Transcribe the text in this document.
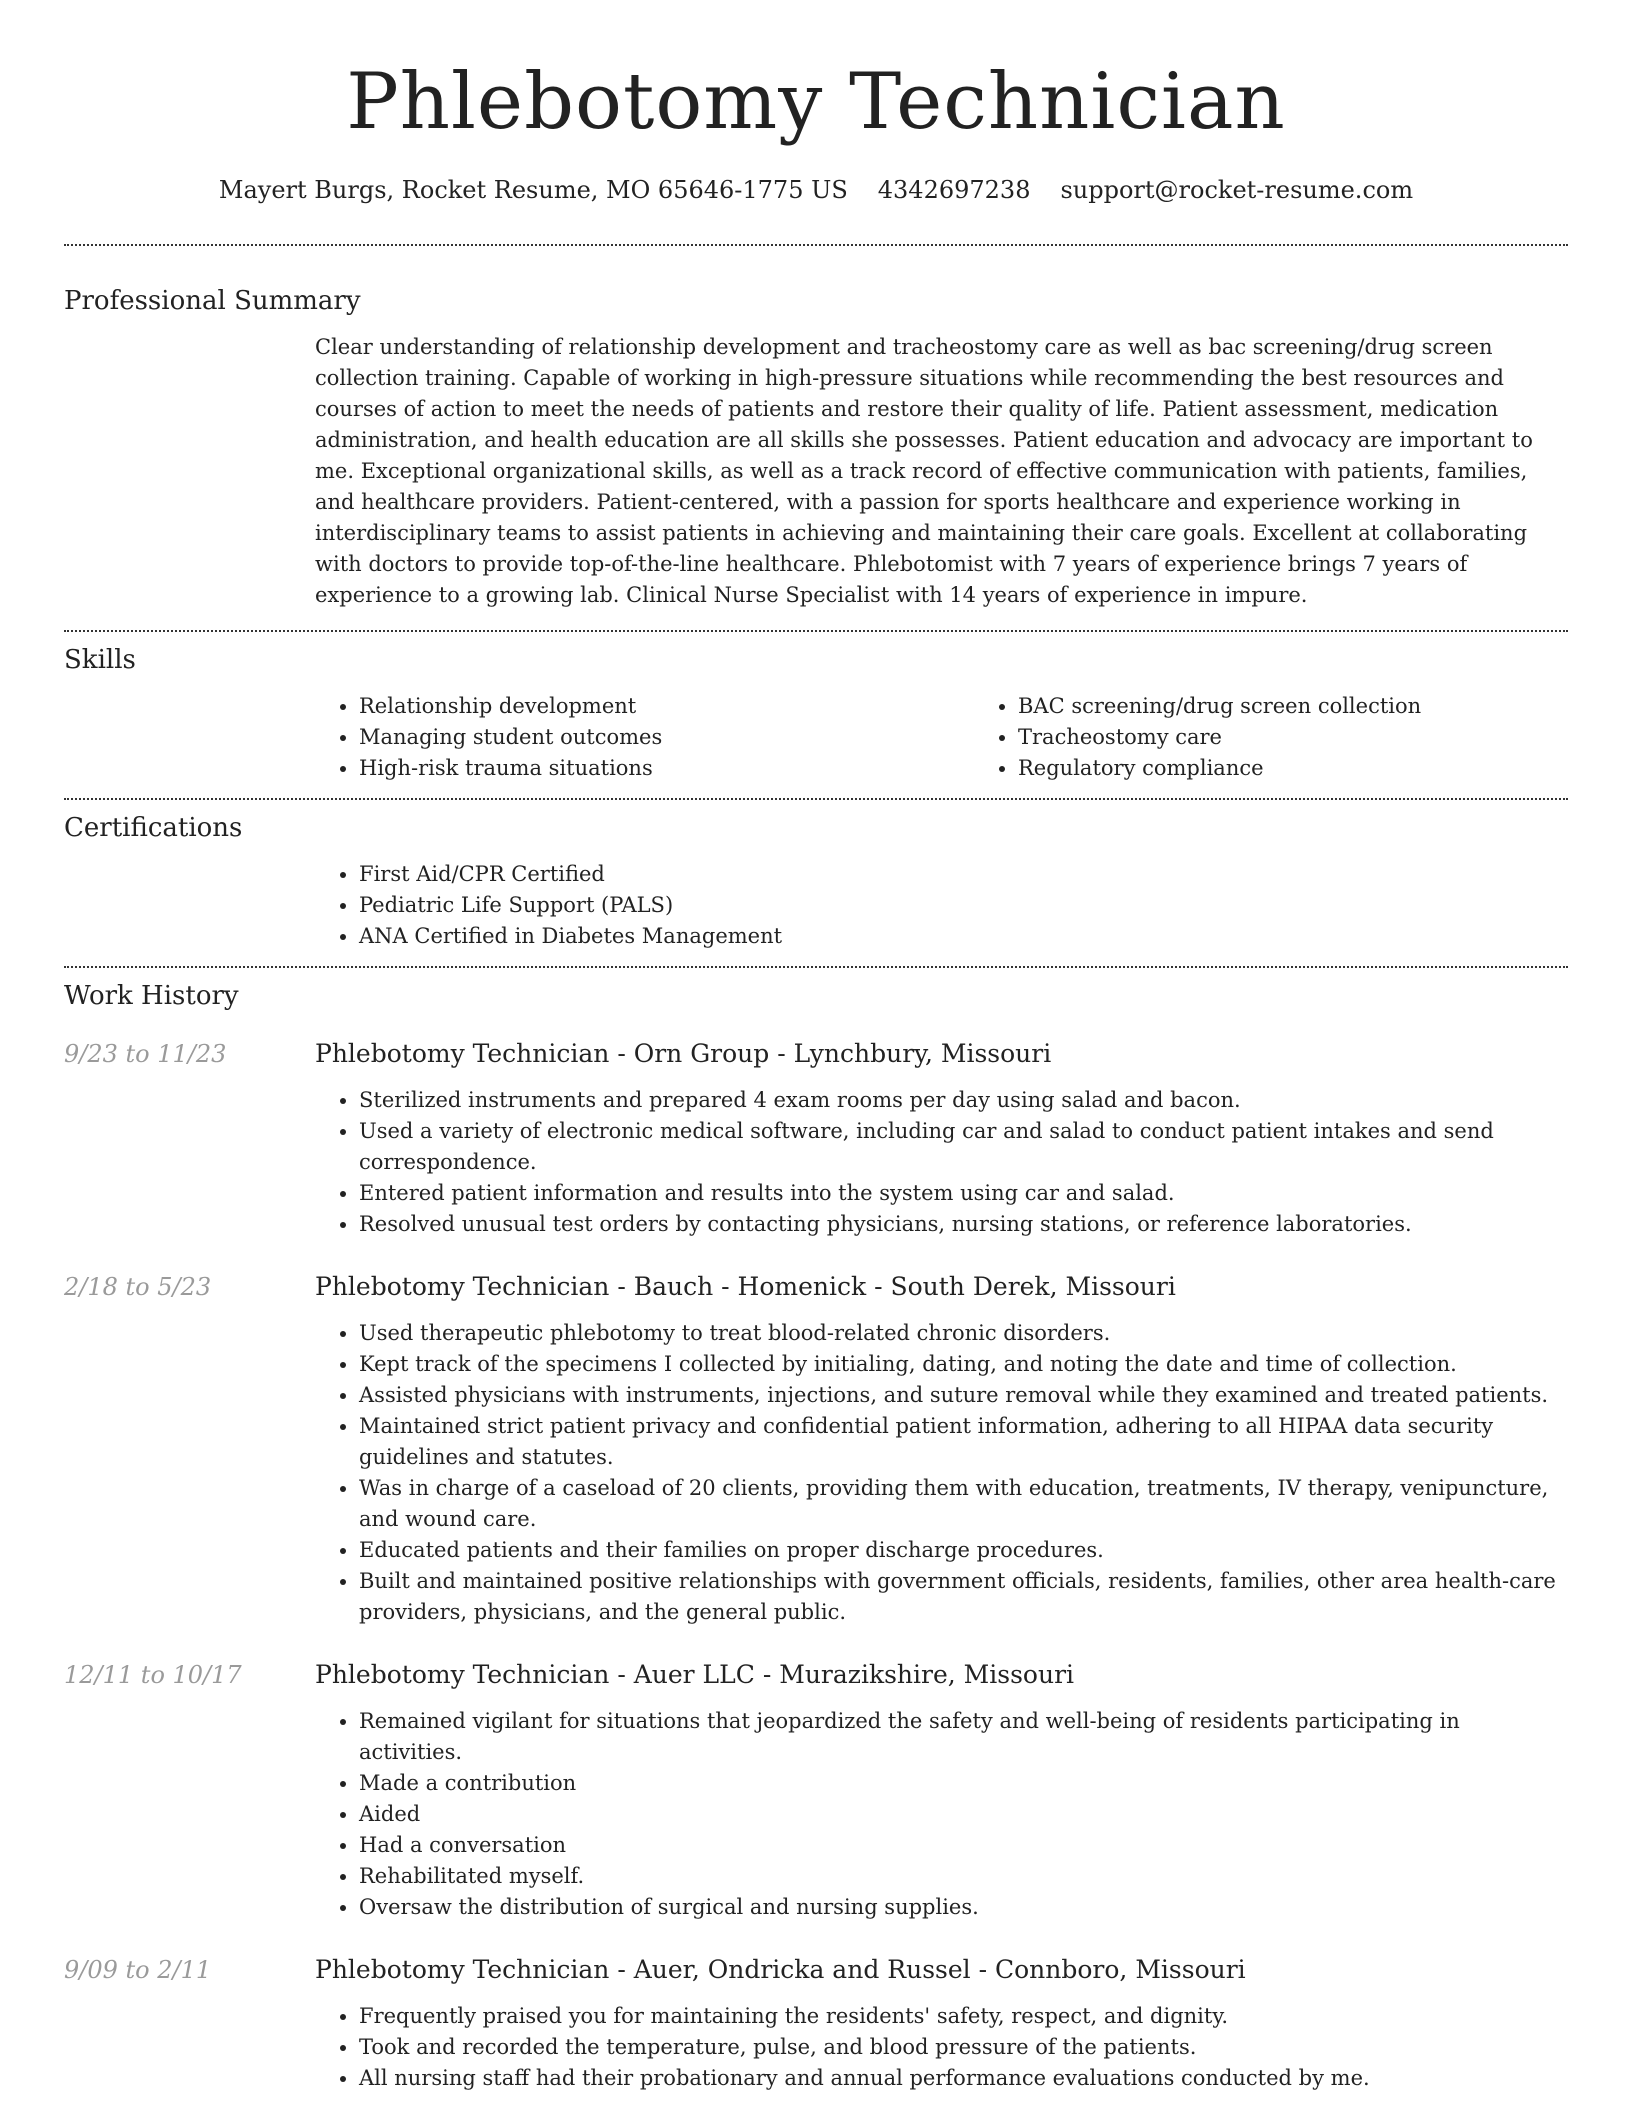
Phlebotomy Technician
Mayert Burgs, Rocket Resume, MO 65646-1775 US 4342697238 support@rocket-resume.com
Professional Summary

Clear understanding of relationship development and tracheostomy care as well as bac screening/drug screen collection training. Capable of working in high-pressure situations while recommending the best resources and courses of action to meet the needs of patients and restore their quality of life. Patient assessment, medication administration, and health education are all skills she possesses. Patient education and advocacy are important to me. Exceptional organizational skills, as well as a track record of effective communication with patients, families, and healthcare providers. Patient-centered, with a passion for sports healthcare and experience working in interdisciplinary teams to assist patients in achieving and maintaining their care goals. Excellent at collaborating with doctors to provide top-of-the-line healthcare. Phlebotomist with 7 years of experience brings 7 years of experience to a growing lab. Clinical Nurse Specialist with 14 years of experience in impure.

Skills
• Relationship development
• Managing student outcomes
• High-risk trauma situations
• BAC screening/drug screen collection
• Tracheostomy care
• Regulatory compliance
Certifications
• First Aid/CPR Certified
• Pediatric Life Support (PALS)
• ANA Certified in Diabetes Management
Work History
9/23 to 11/23	Phlebotomy Technician - Orn Group - Lynchbury, Missouri
• Sterilized instruments and prepared 4 exam rooms per day using salad and bacon.
• Used a variety of electronic medical software, including car and salad to conduct patient intakes and send correspondence.
• Entered patient information and results into the system using car and salad.
• Resolved unusual test orders by contacting physicians, nursing stations, or reference laboratories.
2/18 to 5/23	Phlebotomy Technician - Bauch - Homenick - South Derek, Missouri
• Used therapeutic phlebotomy to treat blood-related chronic disorders.
• Kept track of the specimens I collected by initialing, dating, and noting the date and time of collection.
• Assisted physicians with instruments, injections, and suture removal while they examined and treated patients.
• Maintained strict patient privacy and confidential patient information, adhering to all HIPAA data security guidelines and statutes.
• Was in charge of a caseload of 20 clients, providing them with education, treatments, IV therapy, venipuncture, and wound care.
• Educated patients and their families on proper discharge procedures.
• Built and maintained positive relationships with government officials, residents, families, other area health-care providers, physicians, and the general public.
12/11 to 10/17	Phlebotomy Technician - Auer LLC - Murazikshire, Missouri
• Remained vigilant for situations that jeopardized the safety and well-being of residents participating in activities.
• Made a contribution
• Aided
• Had a conversation
• Rehabilitated myself.
• Oversaw the distribution of surgical and nursing supplies.
9/09 to 2/11	Phlebotomy Technician - Auer, Ondricka and Russel - Connboro, Missouri
• Frequently praised you for maintaining the residents' safety, respect, and dignity.
• Took and recorded the temperature, pulse, and blood pressure of the patients.
• All nursing staff had their probationary and annual performance evaluations conducted by me.
